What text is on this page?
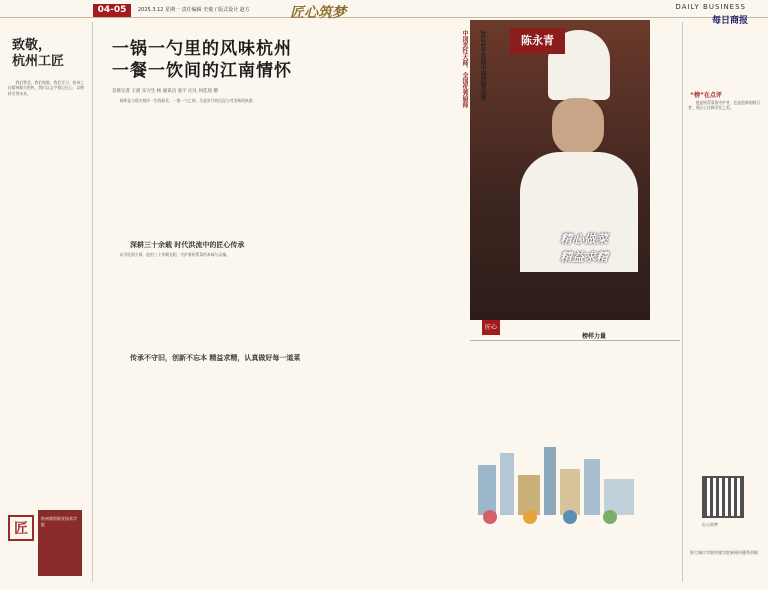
04-05	2025.3.12 星期一 责任编辑 史俊 / 版式设计 赵方	匠心筑梦	DAILY BUSINESS
每日商报
致敬，
杭州工匠

我们赞美、我们致敬、我们学习，杭州工匠精神薪火相传，我们以文字铭记匠心，以榜样引领未来。

匠
杭州商贸职业技术学院
一锅一勺里的风味杭州
一餐一饮间的江南情怀
首席记者 王晨 实习生 杨 通讯员 张宇 汪凡 何佳瑶 摄

厨师是与烟火相伴一生的职业，一锅一勺之间，尽是岁月的沉淀与对美味的执着。

深耕三十余载 时代洪流中的匠心传承

从学徒到大师，他用三十余载光阴，守护着杭帮菜的本味与灵魂。

传承不守旧，创新不忘本 精益求精，认真做好每一道菜
陈永青
2025年首届中国消费名牌
中国烹饪大师、全国优秀厨师
精心做菜
精益求精
匠心
榜样力量
“榜”在点评

他是杭帮菜的守护者，也是创新的践行者，用匠心诠释烹饪之美。

匠心筑梦
浙大城市学院传媒学院新闻传播系供稿
